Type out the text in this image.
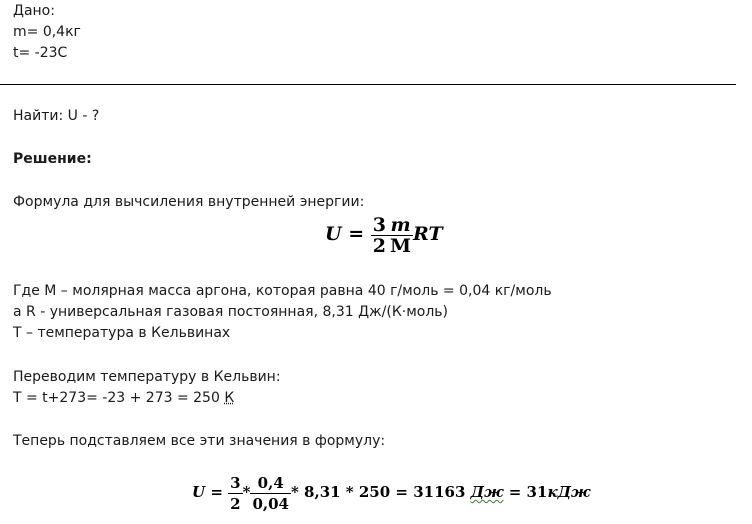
Дано:
m= 0,4кг
t= -23С
Найти: U - ?
Решение:
Формула для вычсиления внутренней энергии:
$U = \frac{3}{2} \frac{m}{M}$ RT
Где M – молярная масса аргона, которая равна 40 г/моль = 0,04 кг/моль
а R - универсальная газовая постоянная, 8,31 Дж/(К·моль)
T – температура в Кельвинах
Переводим температуру в Кельвин:
T = t+273= -23 + 273 = 250 К
Теперь подставляем все эти значения в формулу:
$U = \frac{3}{2} * \frac{0,4}{0,04} * 8,31 * 250 = 31163$ Дж = 31кДж
